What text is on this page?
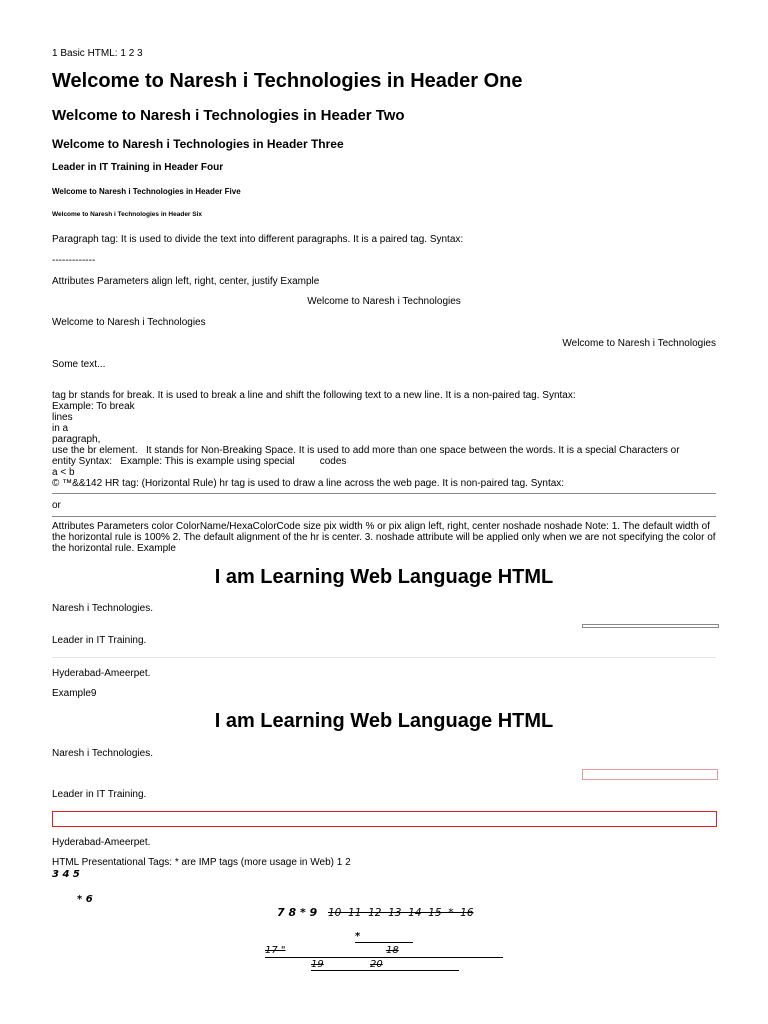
1 Basic HTML: 1 2 3
Welcome to Naresh i Technologies in Header One
Welcome to Naresh i Technologies in Header Two
Welcome to Naresh i Technologies in Header Three
Leader in IT Training in Header Four
Welcome to Naresh i Technologies in Header Five
Welcome to Naresh i Technologies in Header Six
Paragraph tag: It is used to divide the text into different paragraphs. It is a paired tag. Syntax:
-------------
Attributes Parameters align left, right, center, justify Example
Welcome to Naresh i Technologies
Welcome to Naresh i Technologies
Welcome to Naresh i Technologies
Some text...
tag br stands for break. It is used to break a line and shift the following text to a new line. It is a non-paired tag. Syntax:
Example: To break
lines
in a
paragraph,
use the br element.   It stands for Non-Breaking Space. It is used to add more than one space between the words. It is a special Characters or
entity Syntax:   Example: This is example using special         codes
a < b
© ™&&142 HR tag: (Horizontal Rule) hr tag is used to draw a line across the web page. It is non-paired tag. Syntax:
or
Attributes Parameters color ColorName/HexaColorCode size pix width % or pix align left, right, center noshade noshade Note: 1. The default width of the horizontal rule is 100% 2. The default alignment of the hr is center. 3. noshade attribute will be applied only when we are not specifying the color of the horizontal rule. Example
I am Learning Web Language HTML
Naresh i Technologies.
Leader in IT Training.
Hyderabad-Ameerpet.
Example9
I am Learning Web Language HTML
Naresh i Technologies.
Leader in IT Training.
Hyderabad-Ameerpet.
HTML Presentational Tags: * are IMP tags (more usage in Web) 1 2
3 4 5
* 6
7 8 * 9 10  11  12  13  14  15  *  16
*
17 "	18
19	20
